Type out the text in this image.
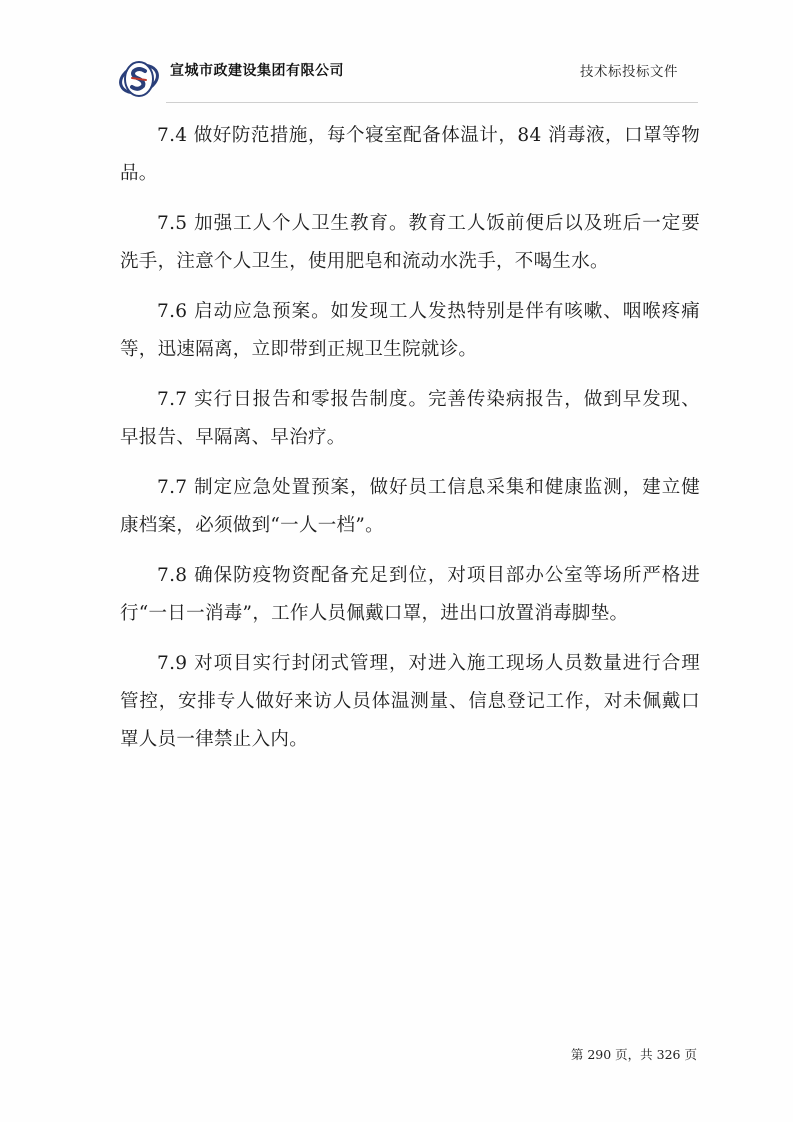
宣城市政建设集团有限公司	技术标投标文件

7.4 做好防范措施，每个寝室配备体温计，84 消毒液，口罩等物品。

7.5 加强工人个人卫生教育。教育工人饭前便后以及班后一定要洗手，注意个人卫生，使用肥皂和流动水洗手，不喝生水。

7.6 启动应急预案。如发现工人发热特别是伴有咳嗽、咽喉疼痛等，迅速隔离，立即带到正规卫生院就诊。

7.7 实行日报告和零报告制度。完善传染病报告，做到早发现、早报告、早隔离、早治疗。

7.7 制定应急处置预案，做好员工信息采集和健康监测，建立健康档案，必须做到“一人一档”。

7.8 确保防疫物资配备充足到位，对项目部办公室等场所严格进行“一日一消毒”，工作人员佩戴口罩，进出口放置消毒脚垫。

7.9 对项目实行封闭式管理，对进入施工现场人员数量进行合理管控，安排专人做好来访人员体温测量、信息登记工作，对未佩戴口罩人员一律禁止入内。

第 290 页，共 326 页
